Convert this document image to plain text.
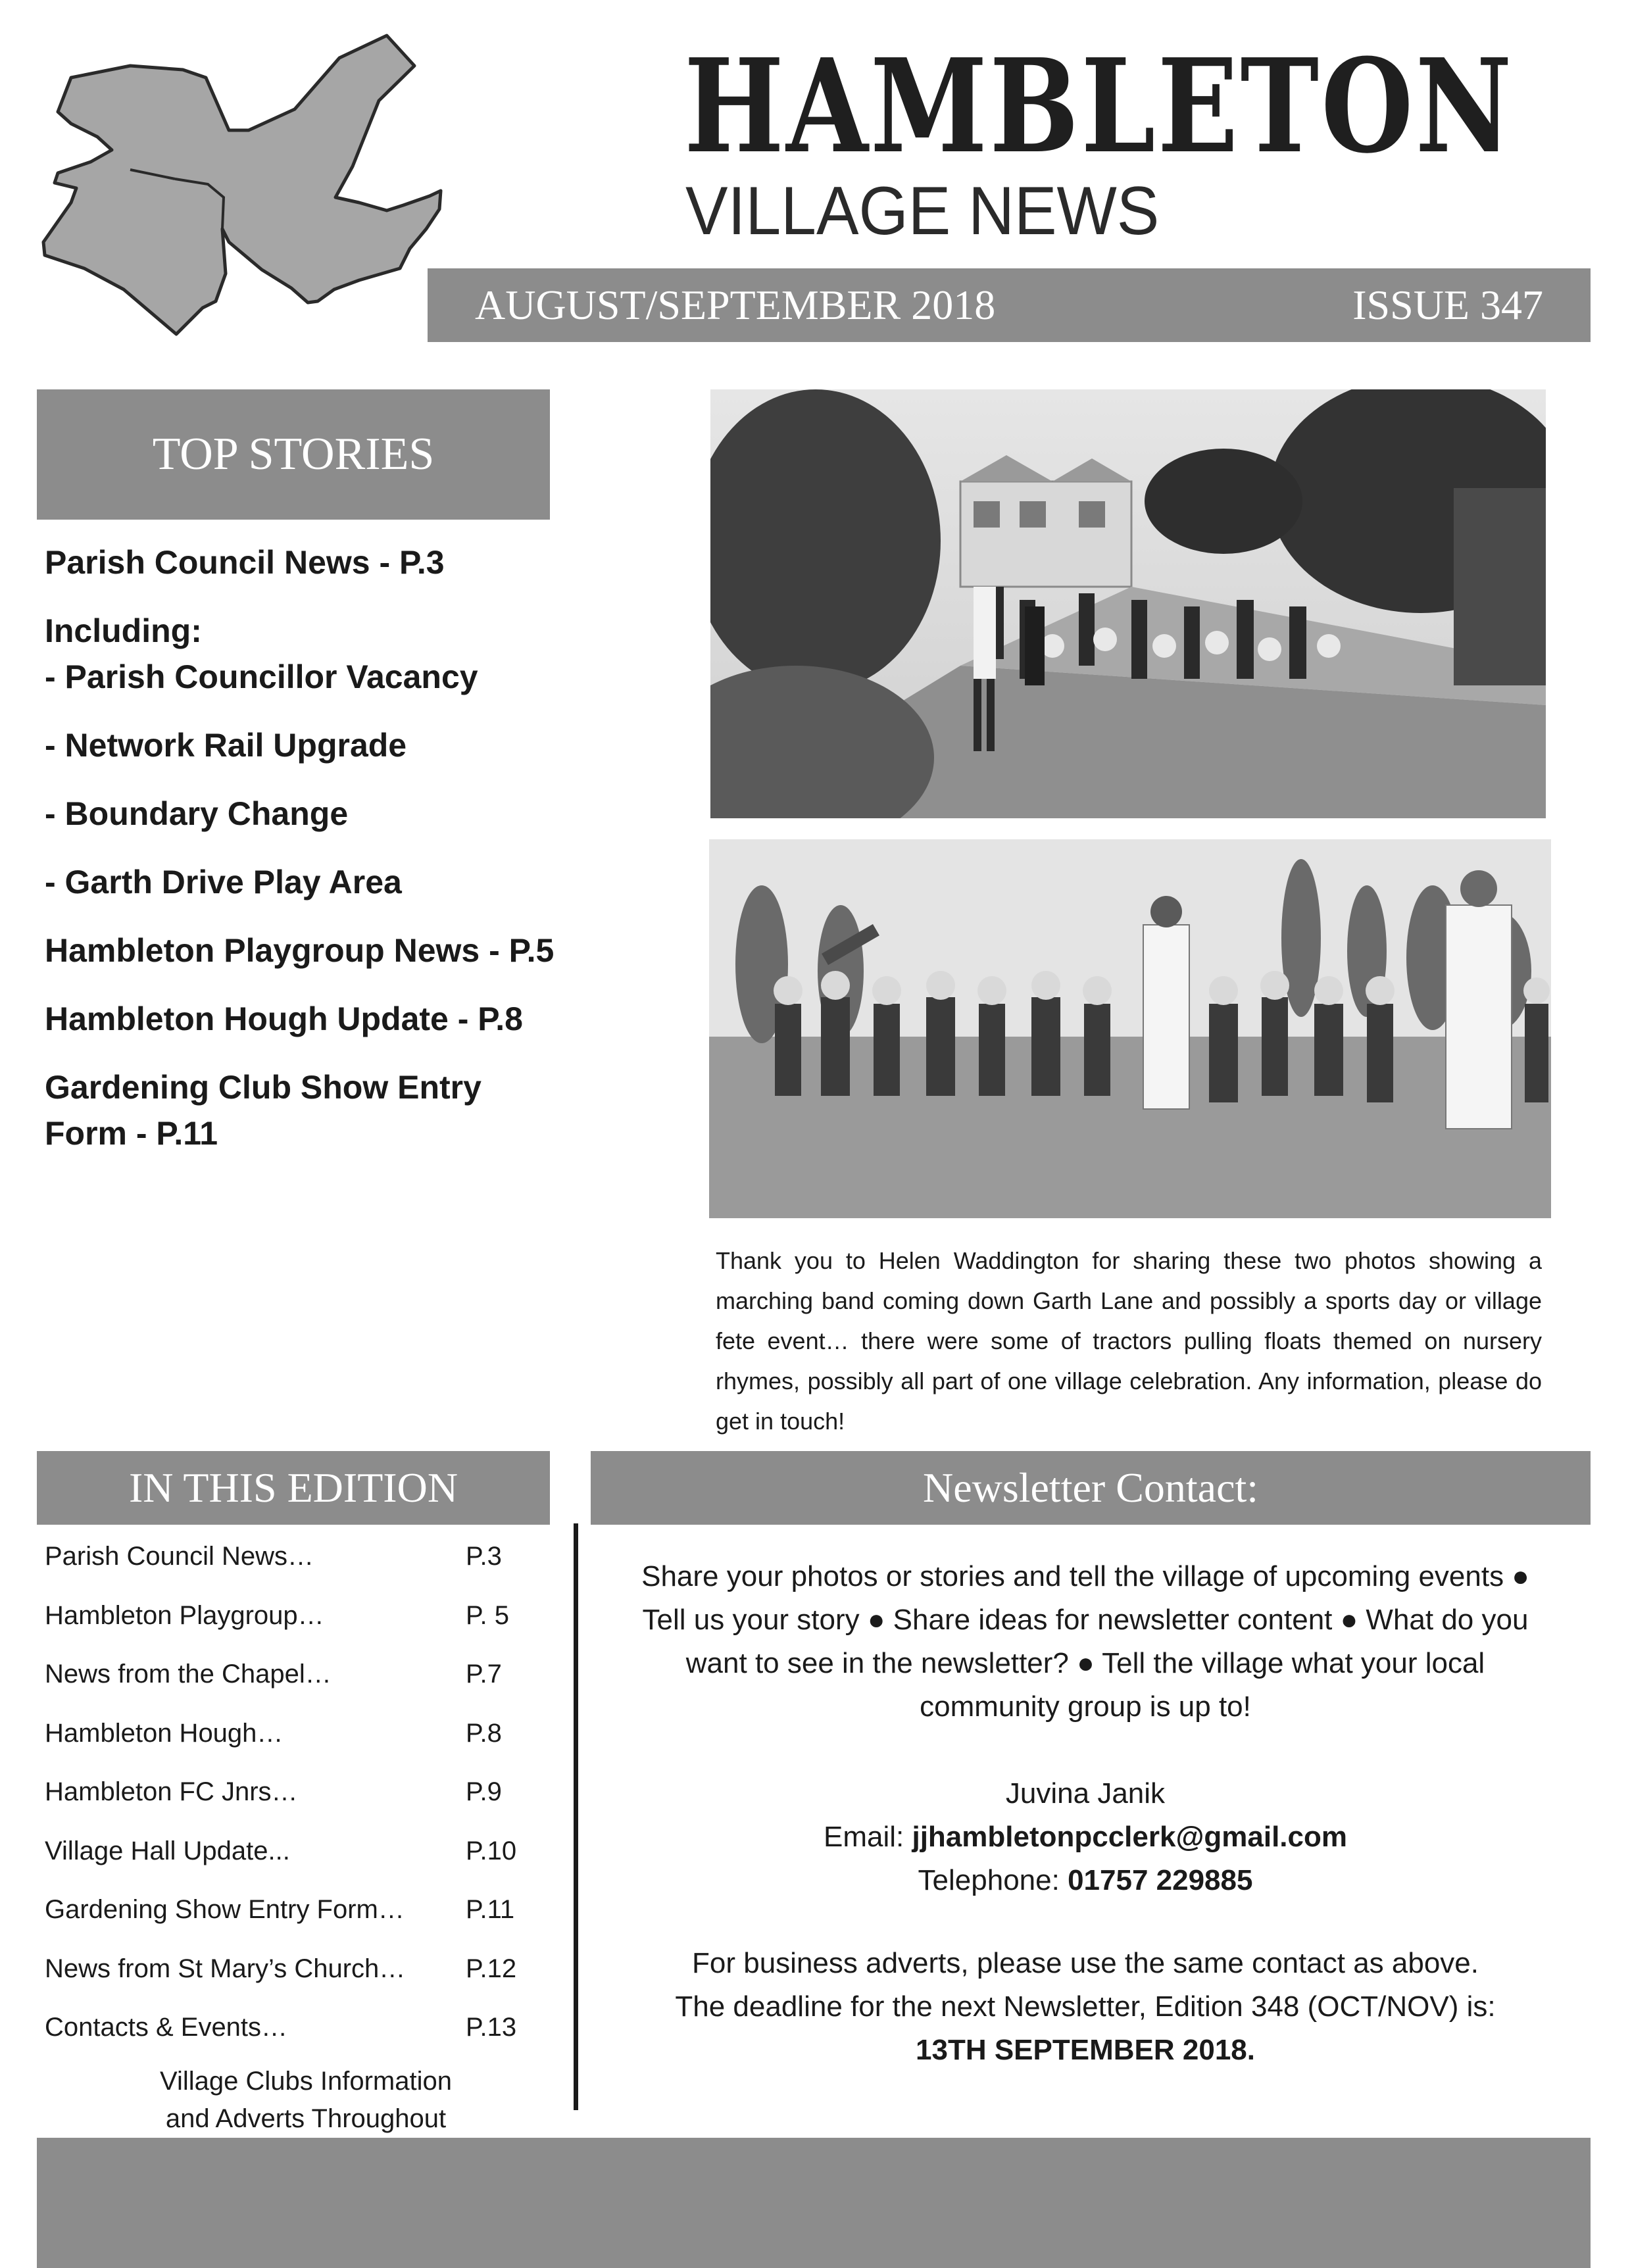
HAMBLETON
VILLAGE NEWS
AUGUST/SEPTEMBER 2018	ISSUE 347
TOP STORIES
Parish Council News - P.3
Including:
- Parish Councillor Vacancy
- Network Rail Upgrade
- Boundary Change
- Garth Drive Play Area
Hambleton Playgroup News - P.5
Hambleton Hough Update - P.8
Gardening Club Show Entry
Form - P.11
Thank you to Helen Waddington for sharing these two photos showing a marching band coming down Garth Lane and possibly a sports day or village fete event… there were some of tractors pulling floats themed on nursery rhymes, possibly all part of one village celebration. Any information, please do get in touch!
IN THIS EDITION
Parish Council News…	P.3
Hambleton Playgroup…	P. 5
News from the Chapel…	P.7
Hambleton Hough…	P.8
Hambleton FC Jnrs…	P.9
Village Hall Update...	P.10
Gardening Show Entry Form…	P.11
News from St Mary’s Church…	P.12
Contacts & Events…	P.13
Village Clubs Information
and Adverts Throughout
Newsletter Contact:

Share your photos or stories and tell the village of upcoming events ●

Tell us your story ● Share ideas for newsletter content ● What do you

want to see in the newsletter? ● Tell the village what your local

community group is up to!

Juvina Janik

Email: jjhambletonpcclerk@gmail.com

Telephone: 01757 229885

For business adverts, please use the same contact as above.

The deadline for the next Newsletter, Edition 348 (OCT/NOV) is:

13TH SEPTEMBER 2018.
